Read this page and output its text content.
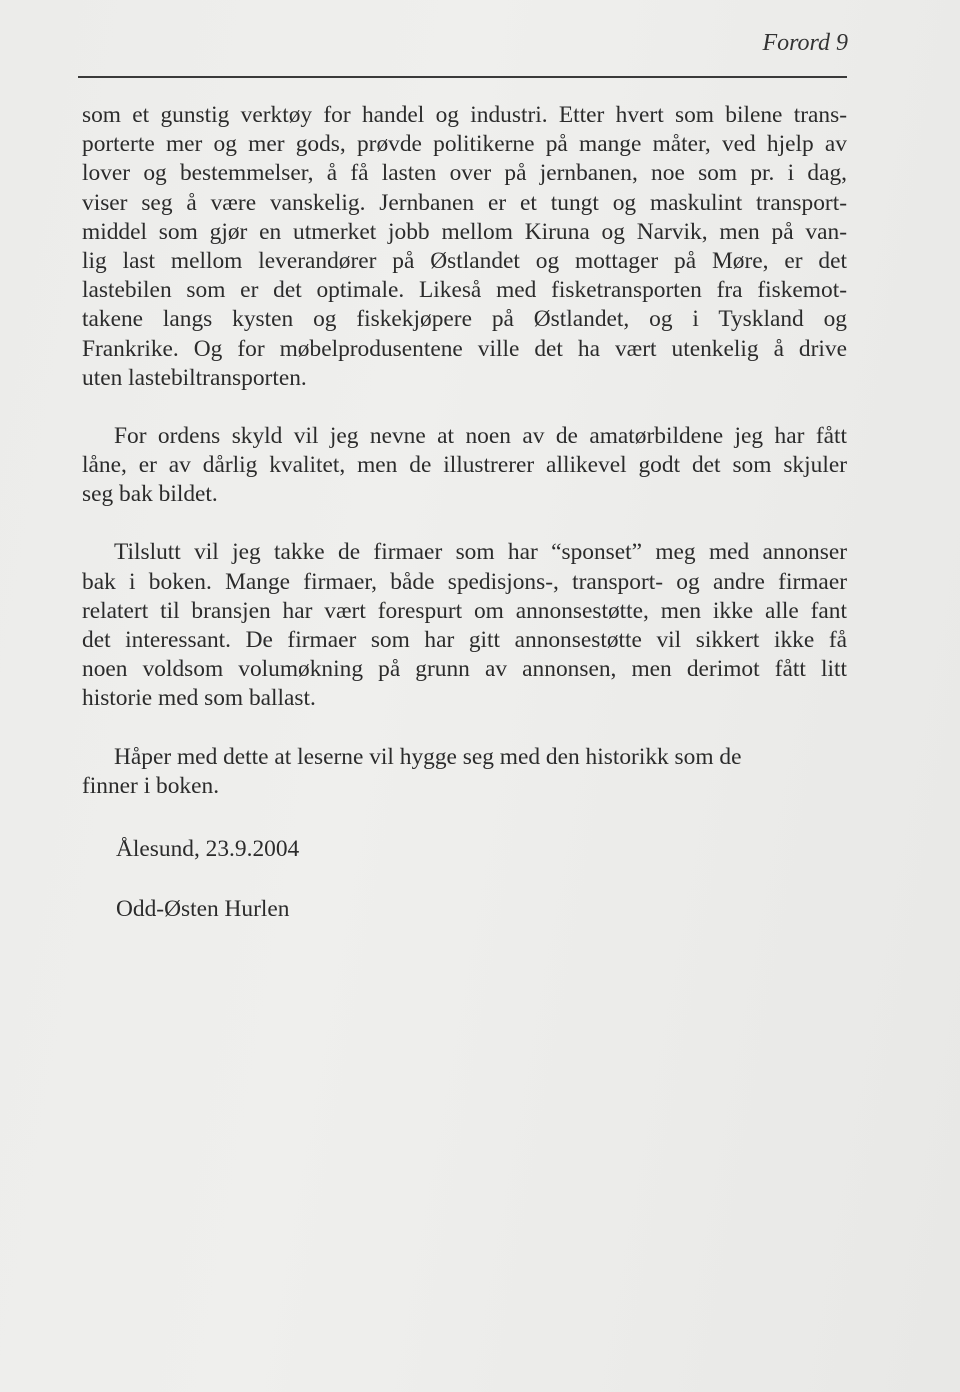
Forord 9
som et gunstig verktøy for handel og industri. Etter hvert som bilene trans-
porterte mer og mer gods, prøvde politikerne på mange måter, ved hjelp av
lover og bestemmelser, å få lasten over på jernbanen, noe som pr. i dag,
viser seg å være vanskelig. Jernbanen er et tungt og maskulint transport-
middel som gjør en utmerket jobb mellom Kiruna og Narvik, men på van-
lig last mellom leverandører på Østlandet og mottager på Møre, er det
lastebilen som er det optimale. Likeså med fisketransporten fra fiskemot-
takene langs kysten og fiskekjøpere på Østlandet, og i Tyskland og
Frankrike. Og for møbelprodusentene ville det ha vært utenkelig å drive
uten lastebiltransporten.
For ordens skyld vil jeg nevne at noen av de amatørbildene jeg har fått
låne, er av dårlig kvalitet, men de illustrerer allikevel godt det som skjuler
seg bak bildet.
Tilslutt vil jeg takke de firmaer som har “sponset” meg med annonser
bak i boken. Mange firmaer, både spedisjons-, transport- og andre firmaer
relatert til bransjen har vært forespurt om annonsestøtte, men ikke alle fant
det interessant. De firmaer som har gitt annonsestøtte vil sikkert ikke få
noen voldsom volumøkning på grunn av annonsen, men derimot fått litt
historie med som ballast.
Håper med dette at leserne vil hygge seg med den historikk som de
finner i boken.
Ålesund, 23.9.2004
Odd-Østen Hurlen
